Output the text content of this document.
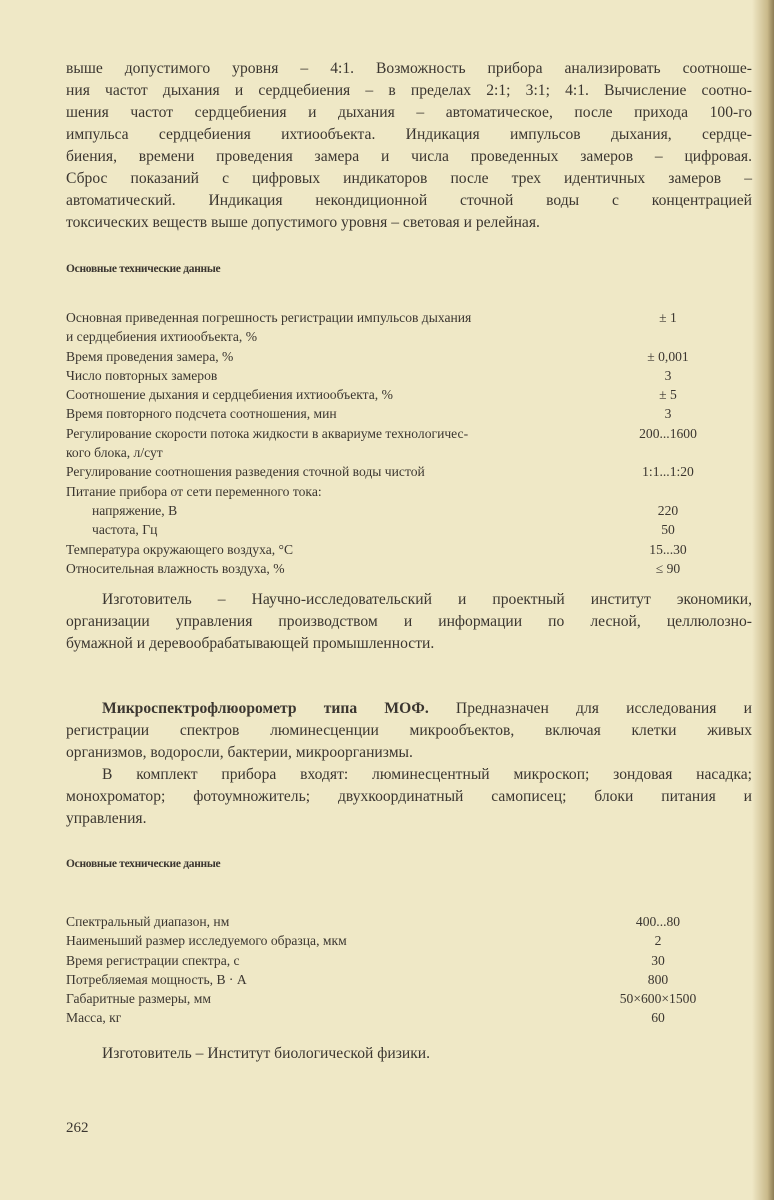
выше допустимого уровня – 4:1. Возможность прибора анализировать соотноше-
ния частот дыхания и сердцебиения – в пределах 2:1; 3:1; 4:1. Вычисление соотно-
шения частот сердцебиения и дыхания – автоматическое, после прихода 100-го
импульса сердцебиения ихтиообъекта. Индикация импульсов дыхания, сердце-
биения, времени проведения замера и числа проведенных замеров – цифровая.
Сброс показаний с цифровых индикаторов после трех идентичных замеров –
автоматический. Индикация некондиционной сточной воды с концентрацией
токсических веществ выше допустимого уровня – световая и релейная.
Основные технические данные
Основная приведенная погрешность регистрации импульсов дыхания	± 1
и сердцебиения ихтиообъекта, %
Время проведения замера, %	± 0,001
Число повторных замеров	3
Соотношение дыхания и сердцебиения ихтиообъекта, %	± 5
Время повторного подсчета соотношения, мин	3
Регулирование скорости потока жидкости в аквариуме технологичес-	200...1600
кого блока, л/сут
Регулирование соотношения разведения сточной воды чистой	1:1...1:20
Питание прибора от сети переменного тока:
напряжение, В	220
частота, Гц	50
Температура окружающего воздуха, °С	15...30
Относительная влажность воздуха, %	≤ 90
Изготовитель – Научно-исследовательский и проектный институт экономики,
организации управления производством и информации по лесной, целлюлозно-
бумажной и деревообрабатывающей промышленности.
Микроспектрофлюорометр типа МОФ. Предназначен для исследования и
регистрации спектров люминесценции микрообъектов, включая клетки живых
организмов, водоросли, бактерии, микроорганизмы.
В комплект прибора входят: люминесцентный микроскоп; зондовая насадка;
монохроматор; фотоумножитель; двухкоординатный самописец; блоки питания и
управления.
Основные технические данные
Спектральный диапазон, нм	400...80
Наименьший размер исследуемого образца, мкм	2
Время регистрации спектра, с	30
Потребляемая мощность, В · А	800
Габаритные размеры, мм	50×600×1500
Масса, кг	60
Изготовитель – Институт биологической физики.
262
